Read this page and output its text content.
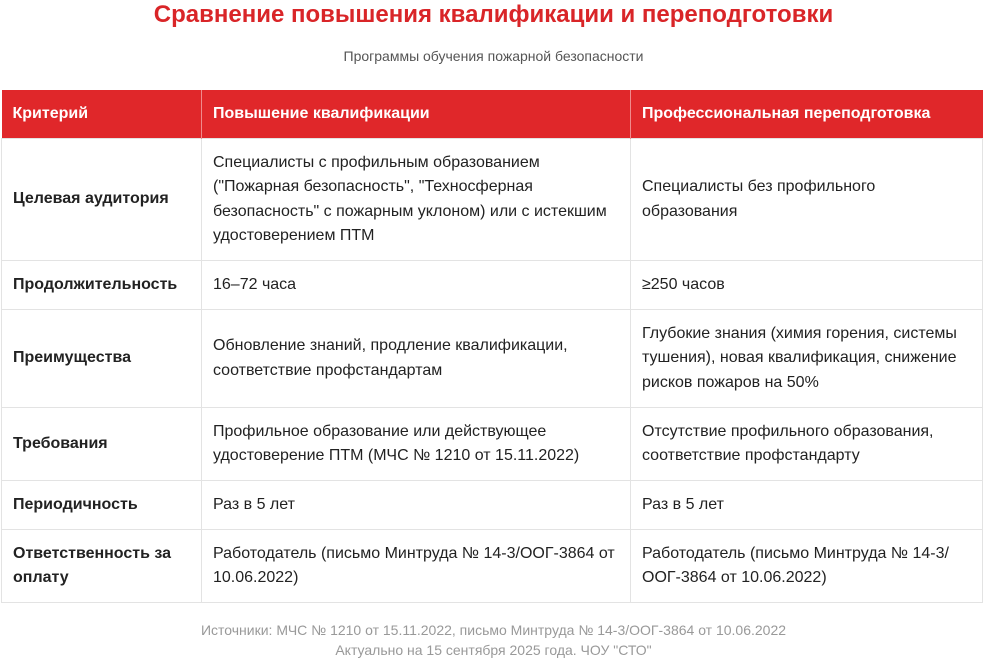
Сравнение повышения квалификации и переподготовки
Программы обучения пожарной безопасности
Критерий	Повышение квалификации	Профессиональная переподготовка
Целевая аудитория	Специалисты с профильным образованием ("Пожарная безопасность", "Техносферная безопасность" с пожарным уклоном) или с истекшим удостоверением ПТМ	Специалисты без профильного образования
Продолжительность	16–72 часа	≥250 часов
Преимущества	Обновление знаний, продление квалификации, соответствие профстандартам	Глубокие знания (химия горения, системы тушения), новая квалификация, снижение рисков пожаров на 50%
Требования	Профильное образование или действующее удостоверение ПТМ (МЧС № 1210 от 15.11.2022)	Отсутствие профильного образования, соответствие профстандарту
Периодичность	Раз в 5 лет	Раз в 5 лет
Ответственность за оплату	Работодатель (письмо Минтруда № 14-3/ООГ-3864 от 10.06.2022)	Работодатель (письмо Минтруда № 14-3/ООГ-3864 от 10.06.2022)
Источники: МЧС № 1210 от 15.11.2022, письмо Минтруда № 14-3/ООГ-3864 от 10.06.2022
Актуально на 15 сентября 2025 года. ЧОУ "СТО"
